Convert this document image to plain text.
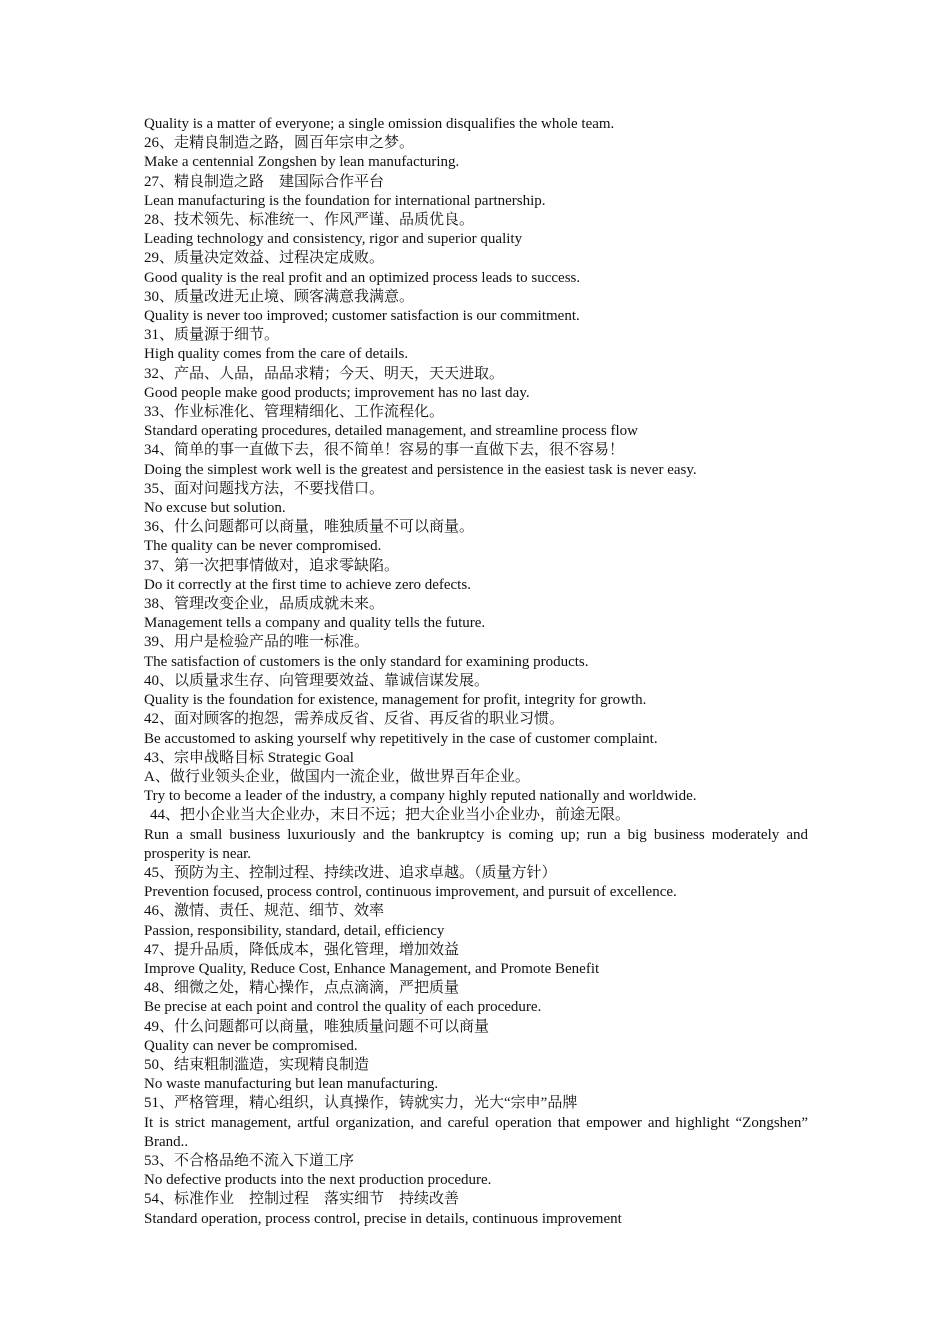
Quality is a matter of everyone; a single omission disqualifies the whole team.
26、走精良制造之路，圆百年宗申之梦。
Make a centennial Zongshen by lean manufacturing.
27、精良制造之路　建国际合作平台
Lean manufacturing is the foundation for international partnership.
28、技术领先、标准统一、作风严谨、品质优良。
Leading technology and consistency, rigor and superior quality
29、质量决定效益、过程决定成败。
Good quality is the real profit and an optimized process leads to success.
30、质量改进无止境、顾客满意我满意。
Quality is never too improved; customer satisfaction is our commitment.
31、质量源于细节。
High quality comes from the care of details.
32、产品、人品，品品求精；今天、明天，天天进取。
Good people make good products; improvement has no last day.
33、作业标准化、管理精细化、工作流程化。
Standard operating procedures, detailed management, and streamline process flow
34、简单的事一直做下去，很不简单！容易的事一直做下去，很不容易！
Doing the simplest work well is the greatest and persistence in the easiest task is never easy.
35、面对问题找方法，不要找借口。
No excuse but solution.
36、什么问题都可以商量，唯独质量不可以商量。
The quality can be never compromised.
37、第一次把事情做对，追求零缺陷。
Do it correctly at the first time to achieve zero defects.
38、管理改变企业，品质成就未来。
Management tells a company and quality tells the future.
39、用户是检验产品的唯一标准。
The satisfaction of customers is the only standard for examining products.
40、以质量求生存、向管理要效益、靠诚信谋发展。
Quality is the foundation for existence, management for profit, integrity for growth.
42、面对顾客的抱怨，需养成反省、反省、再反省的职业习惯。
Be accustomed to asking yourself why repetitively in the case of customer complaint.
43、宗申战略目标 Strategic Goal
A、做行业领头企业，做国内一流企业，做世界百年企业。
Try to become a leader of the industry, a company highly reputed nationally and worldwide.
44、把小企业当大企业办，末日不远；把大企业当小企业办，前途无限。
Run a small business luxuriously and the bankruptcy is coming up; run a big business moderately and prosperity is near.
45、预防为主、控制过程、持续改进、追求卓越。（质量方针）
Prevention focused, process control, continuous improvement, and pursuit of excellence.
46、激情、责任、规范、细节、效率
Passion, responsibility, standard, detail, efficiency
47、提升品质，降低成本，强化管理，增加效益
Improve Quality, Reduce Cost, Enhance Management, and Promote Benefit
48、细微之处，精心操作，点点滴滴，严把质量
Be precise at each point and control the quality of each procedure.
49、什么问题都可以商量，唯独质量问题不可以商量
Quality can never be compromised.
50、结束粗制滥造，实现精良制造
No waste manufacturing but lean manufacturing.
51、严格管理，精心组织，认真操作，铸就实力，光大“宗申”品牌
It is strict management, artful organization, and careful operation that empower and highlight “Zongshen” Brand..
53、不合格品绝不流入下道工序
No defective products into the next production procedure.
54、标准作业　控制过程　落实细节　持续改善
Standard operation, process control, precise in details, continuous improvement
